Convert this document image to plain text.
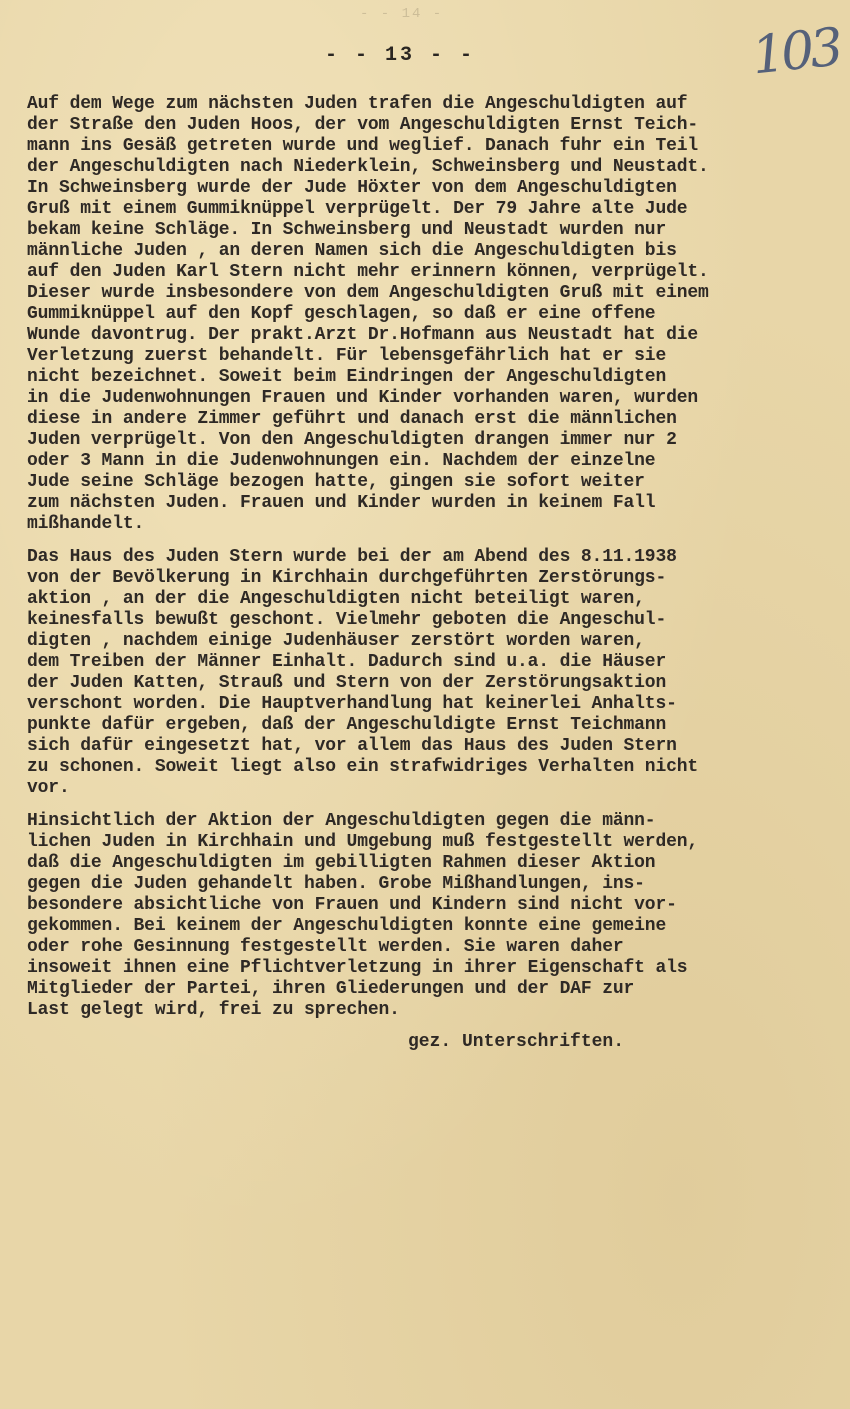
- - 14 -
- - 13 - -	103
Auf dem Wege zum nächsten Juden trafen die Angeschuldigten auf
der Straße den Juden Hoos, der vom Angeschuldigten Ernst Teich-
mann ins Gesäß getreten wurde und weglief. Danach fuhr ein Teil
der Angeschuldigten nach Niederklein, Schweinsberg und Neustadt.
In Schweinsberg wurde der Jude Höxter von dem Angeschuldigten
Gruß mit einem Gummiknüppel verprügelt. Der 79 Jahre alte Jude
bekam keine Schläge. In Schweinsberg und Neustadt wurden nur
männliche Juden , an deren Namen sich die Angeschuldigten bis
auf den Juden Karl Stern nicht mehr erinnern können, verprügelt.
Dieser wurde insbesondere von dem Angeschuldigten Gruß mit einem
Gummiknüppel auf den Kopf geschlagen, so daß er eine offene
Wunde davontrug. Der prakt.Arzt Dr.Hofmann aus Neustadt hat die
Verletzung zuerst behandelt. Für lebensgefährlich hat er sie
nicht bezeichnet. Soweit beim Eindringen der Angeschuldigten
in die Judenwohnungen Frauen und Kinder vorhanden waren, wurden
diese in andere Zimmer geführt und danach erst die männlichen
Juden verprügelt. Von den Angeschuldigten drangen immer nur 2
oder 3 Mann in die Judenwohnungen ein. Nachdem der einzelne
Jude seine Schläge bezogen hatte, gingen sie sofort weiter
zum nächsten Juden. Frauen und Kinder wurden in keinem Fall
mißhandelt.
Das Haus des Juden Stern wurde bei der am Abend des 8.11.1938
von der Bevölkerung in Kirchhain durchgeführten Zerstörungs-
aktion , an der die Angeschuldigten nicht beteiligt waren,
keinesfalls bewußt geschont. Vielmehr geboten die Angeschul-
digten , nachdem einige Judenhäuser zerstört worden waren,
dem Treiben der Männer Einhalt. Dadurch sind u.a. die Häuser
der Juden Katten, Strauß und Stern von der Zerstörungsaktion
verschont worden. Die Hauptverhandlung hat keinerlei Anhalts-
punkte dafür ergeben, daß der Angeschuldigte Ernst Teichmann
sich dafür eingesetzt hat, vor allem das Haus des Juden Stern
zu schonen. Soweit liegt also ein strafwidriges Verhalten nicht
vor.
Hinsichtlich der Aktion der Angeschuldigten gegen die männ-
lichen Juden in Kirchhain und Umgebung muß festgestellt werden,
daß die Angeschuldigten im gebilligten Rahmen dieser Aktion
gegen die Juden gehandelt haben. Grobe Mißhandlungen, ins-
besondere absichtliche von Frauen und Kindern sind nicht vor-
gekommen. Bei keinem der Angeschuldigten konnte eine gemeine
oder rohe Gesinnung festgestellt werden. Sie waren daher
insoweit ihnen eine Pflichtverletzung in ihrer Eigenschaft als
Mitglieder der Partei, ihren Gliederungen und der DAF zur
Last gelegt wird, frei zu sprechen.
gez. Unterschriften.
